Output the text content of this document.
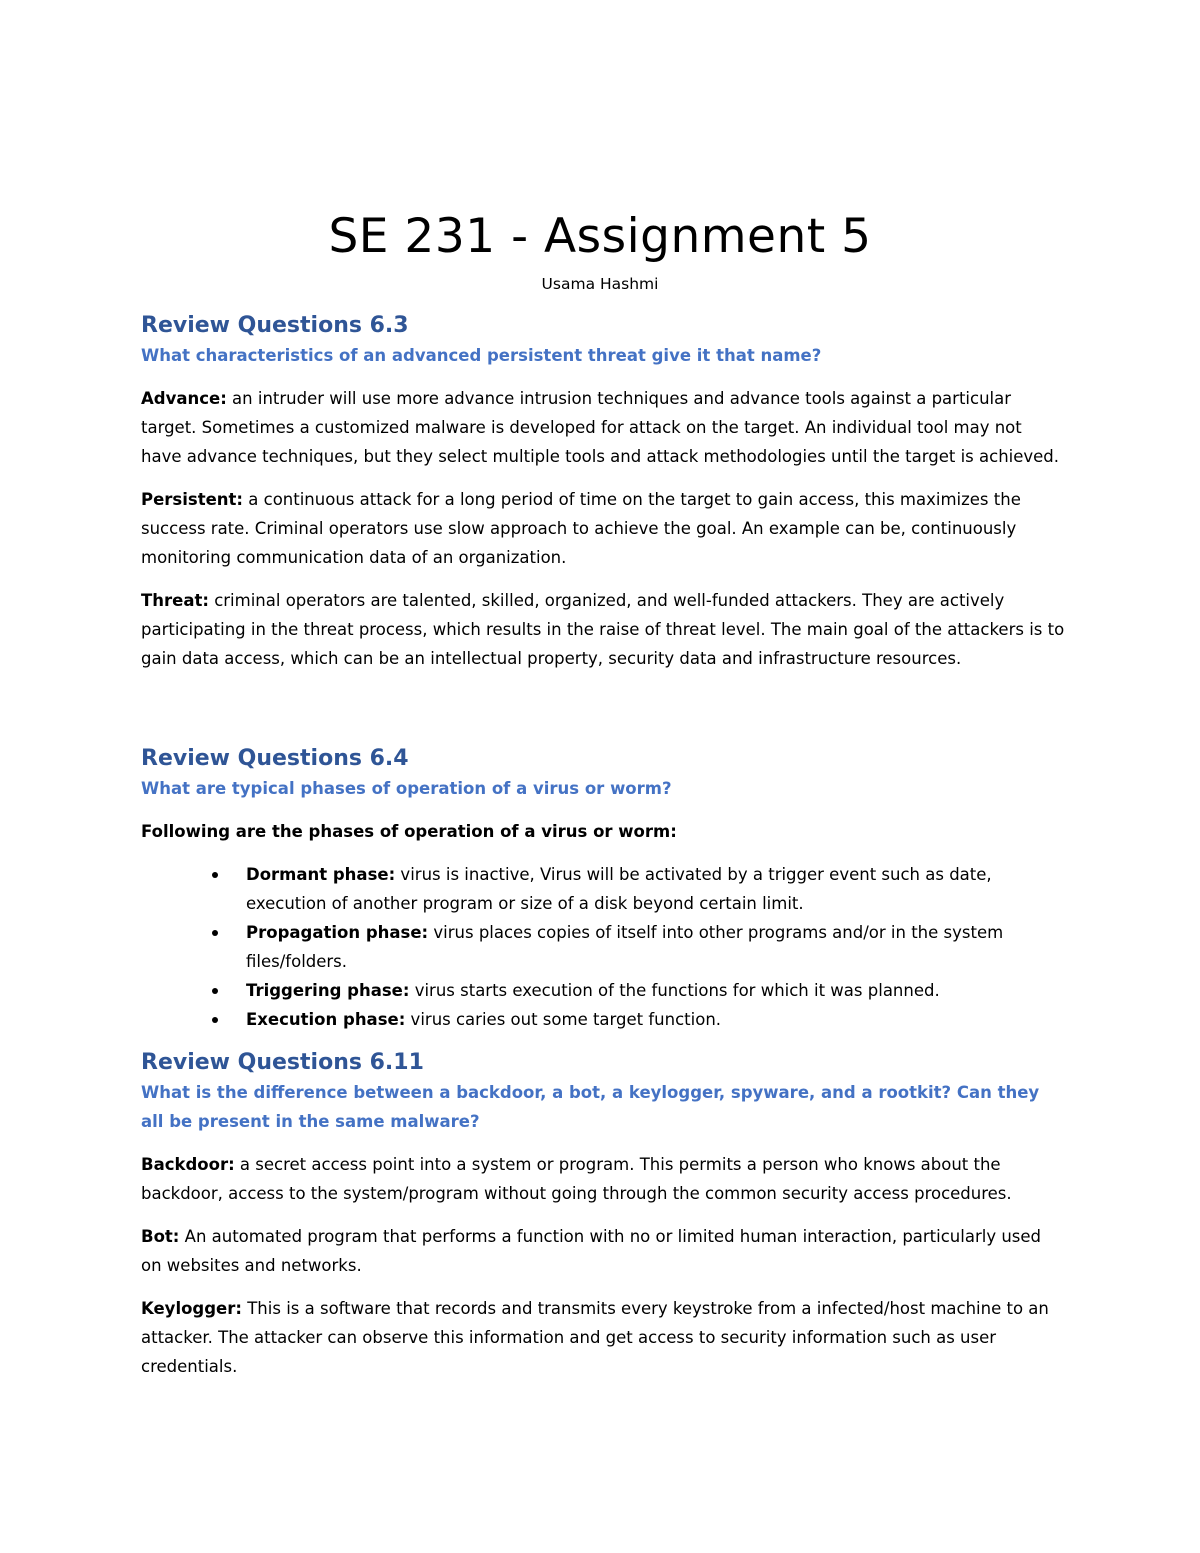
SE 231 - Assignment 5
Usama Hashmi
Review Questions 6.3
What characteristics of an advanced persistent threat give it that name?

Advance: an intruder will use more advance intrusion techniques and advance tools against a particular target. Sometimes a customized malware is developed for attack on the target. An individual tool may not have advance techniques, but they select multiple tools and attack methodologies until the target is achieved.

Persistent: a continuous attack for a long period of time on the target to gain access, this maximizes the success rate. Criminal operators use slow approach to achieve the goal. An example can be, continuously monitoring communication data of an organization.

Threat: criminal operators are talented, skilled, organized, and well-funded attackers. They are actively participating in the threat process, which results in the raise of threat level. The main goal of the attackers is to gain data access, which can be an intellectual property, security data and infrastructure resources.

Review Questions 6.4
What are typical phases of operation of a virus or worm?

Following are the phases of operation of a virus or worm:

Dormant phase: virus is inactive, Virus will be activated by a trigger event such as date, execution of another program or size of a disk beyond certain limit.
Propagation phase: virus places copies of itself into other programs and/or in the system files/folders.
Triggering phase: virus starts execution of the functions for which it was planned.
Execution phase: virus caries out some target function.
Review Questions 6.11
What is the difference between a backdoor, a bot, a keylogger, spyware, and a rootkit? Can they all be present in the same malware?

Backdoor: a secret access point into a system or program. This permits a person who knows about the backdoor, access to the system/program without going through the common security access procedures.

Bot: An automated program that performs a function with no or limited human interaction, particularly used on websites and networks.

Keylogger: This is a software that records and transmits every keystroke from a infected/host machine to an attacker. The attacker can observe this information and get access to security information such as user credentials.
